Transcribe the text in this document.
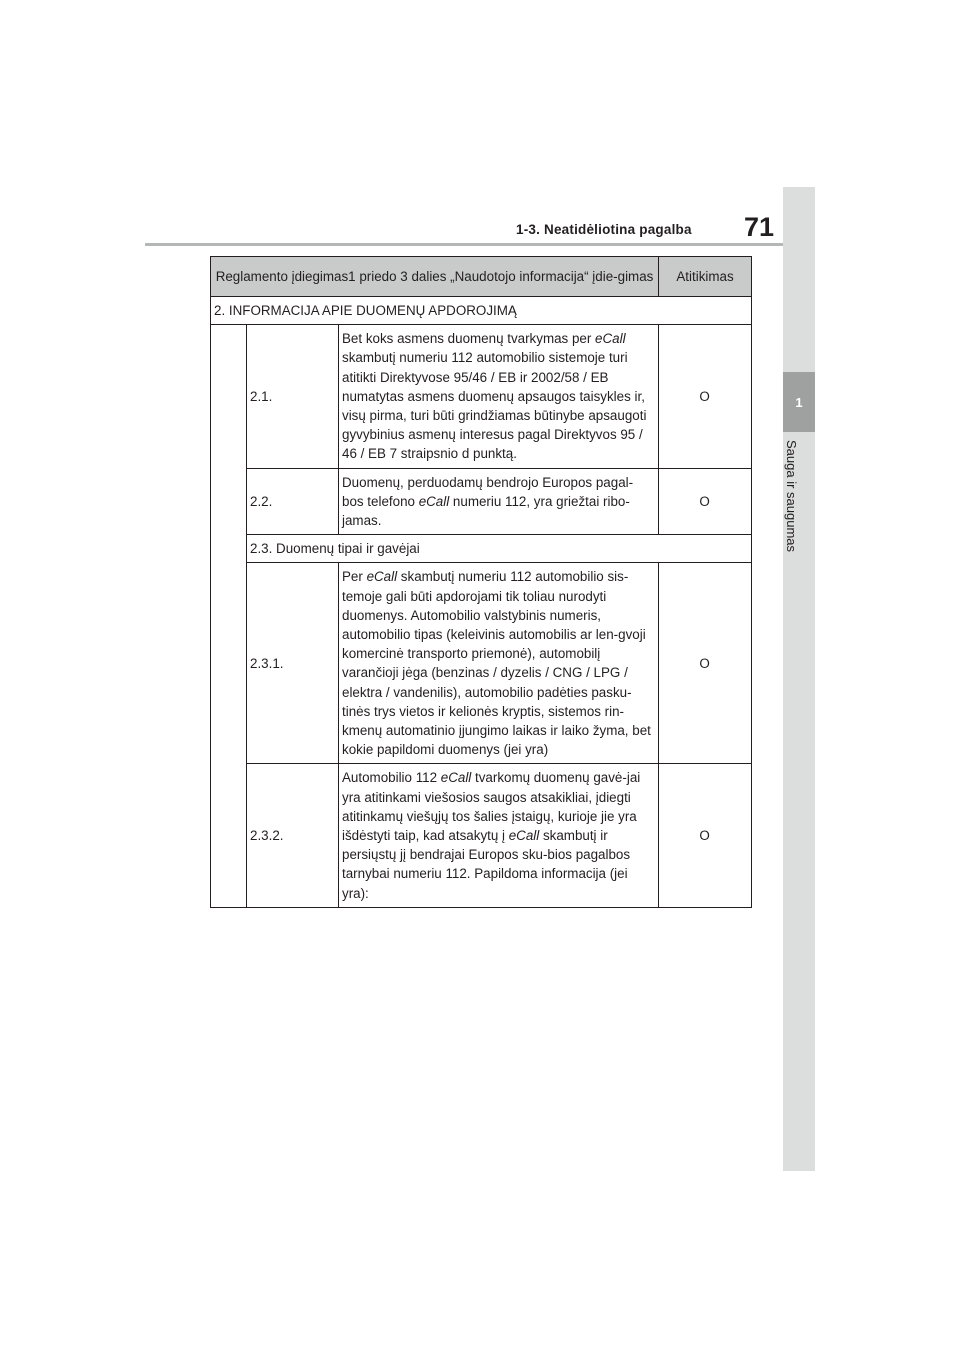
1
Sauga ir saugumas
1-3. Neatidėliotina pagalba	71
Reglamento įdiegimas1 priedo 3 dalies „Naudotojo informacija“ įdie-gimas			Atitikimas
2. INFORMACIJA APIE DUOMENŲ APDOROJIMĄ			
	2.1.	Bet koks asmens duomenų tvarkymas per eCall skambutį numeriu 112 automobilio sistemoje turi atitikti Direktyvose 95/46 / EB ir 2002/58 / EB numatytas asmens duomenų apsaugos taisykles ir, visų pirma, turi būti grindžiamas būtinybe apsaugoti gyvybinius asmenų interesus pagal Direktyvos 95 / 46 / EB 7 straipsnio d punktą.	O
	2.2.	Duomenų, perduodamų bendrojo Europos pagal-bos telefono eCall numeriu 112, yra griežtai ribo-jamas.	O
	2.3. Duomenų tipai ir gavėjai		
	2.3.1.	Per eCall skambutį numeriu 112 automobilio sis-temoje gali būti apdorojami tik toliau nurodyti duomenys. Automobilio valstybinis numeris, automobilio tipas (keleivinis automobilis ar len-gvoji komercinė transporto priemonė), automobilį varančioji jėga (benzinas / dyzelis / CNG / LPG / elektra / vandenilis), automobilio padėties pasku-tinės trys vietos ir kelionės kryptis, sistemos rin-kmenų automatinio įjungimo laikas ir laiko žyma, bet kokie papildomi duomenys (jei yra)	O
	2.3.2.	Automobilio 112 eCall tvarkomų duomenų gavė-jai yra atitinkami viešosios saugos atsakikliai, įdiegti atitinkamų viešųjų tos šalies įstaigų, kurioje jie yra išdėstyti taip, kad atsakytų į eCall skambutį ir persiųstų jį bendrajai Europos sku-bios pagalbos tarnybai numeriu 112. Papildoma informacija (jei yra):	O
